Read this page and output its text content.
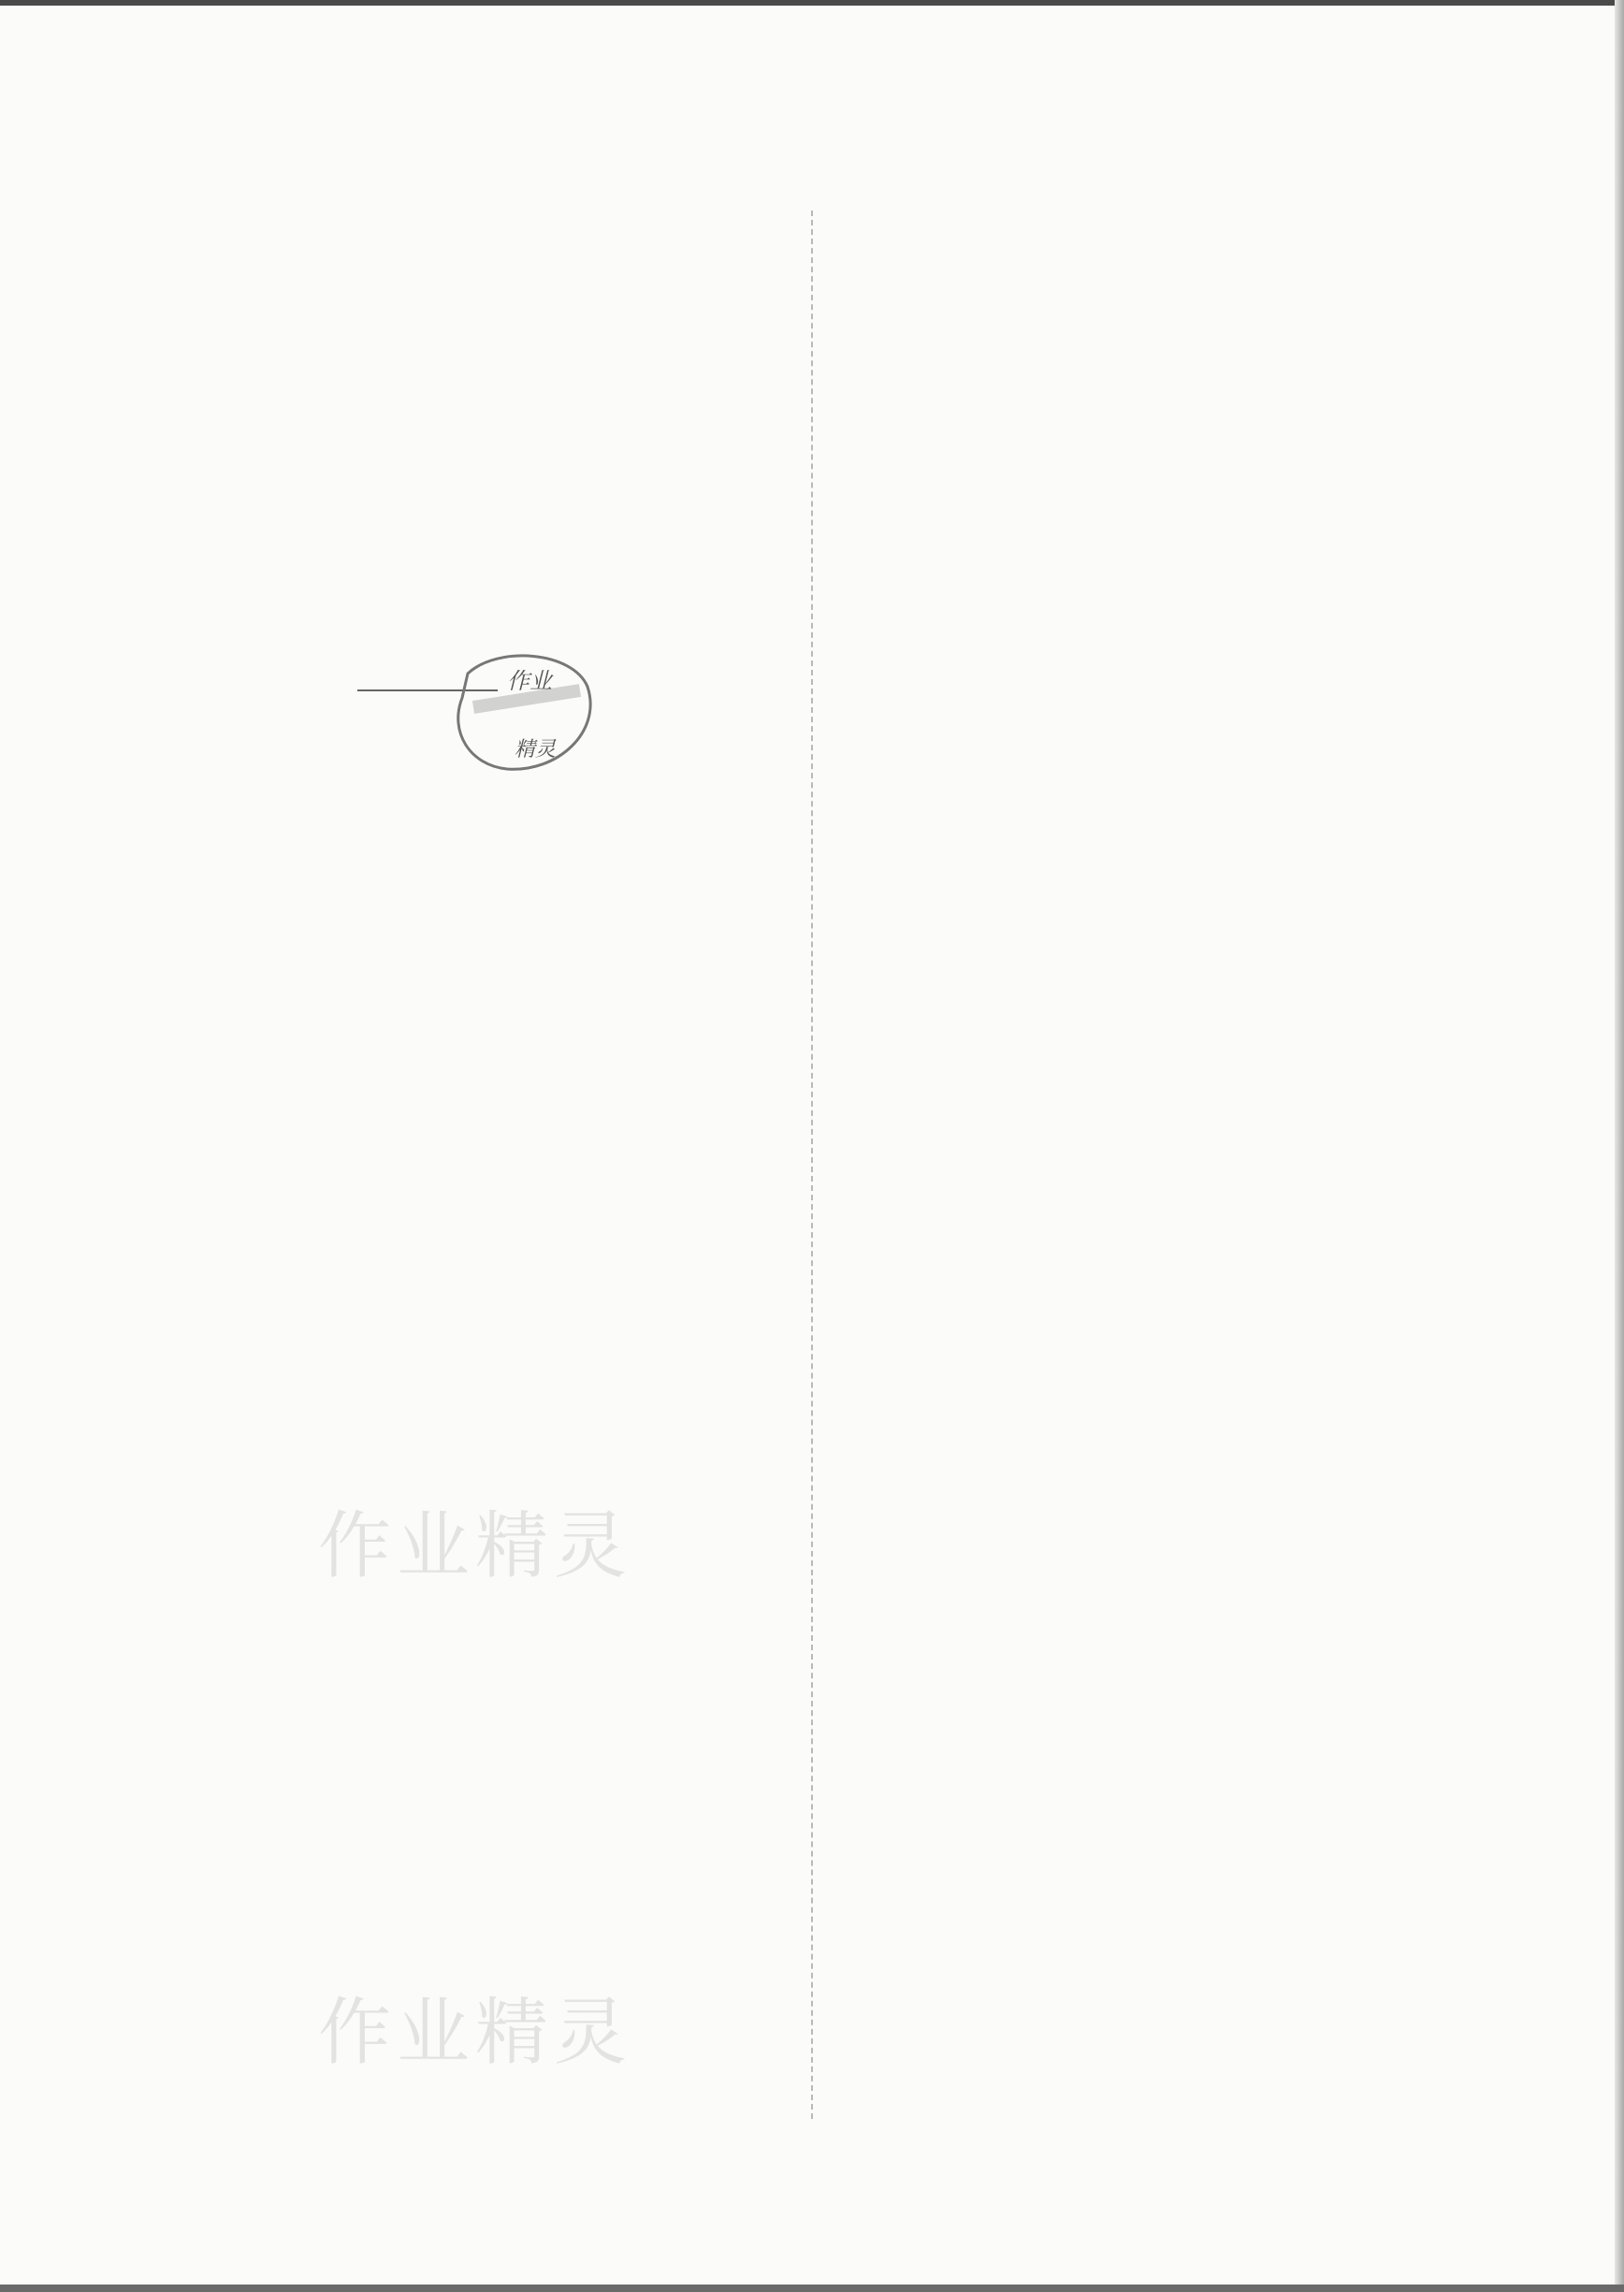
作业
精灵
作业精灵
作业精灵
